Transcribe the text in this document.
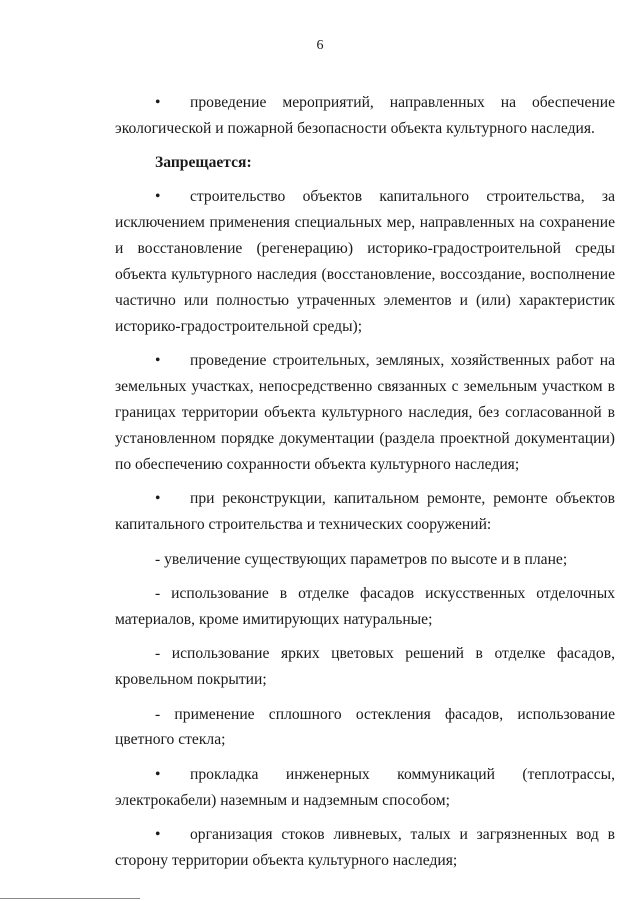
6

• проведение мероприятий, направленных на обеспечение экологической и пожарной безопасности объекта культурного наследия.

Запрещается:

• строительство объектов капитального строительства, за исключением применения специальных мер, направленных на сохранение и восстановление (регенерацию) историко-градостроительной среды объекта культурного наследия (восстановление, воссоздание, восполнение частично или полностью утраченных элементов и (или) характеристик историко-градостроительной среды);

• проведение строительных, земляных, хозяйственных работ на земельных участках, непосредственно связанных с земельным участком в границах территории объекта культурного наследия, без согласованной в установленном порядке документации (раздела проектной документации) по обеспечению сохранности объекта культурного наследия;

• при реконструкции, капитальном ремонте, ремонте объектов капитального строительства и технических сооружений:

- увеличение существующих параметров по высоте и в плане;

- использование в отделке фасадов искусственных отделочных материалов, кроме имитирующих натуральные;

- использование ярких цветовых решений в отделке фасадов, кровельном покрытии;

- применение сплошного остекления фасадов, использование цветного стекла;

• прокладка инженерных коммуникаций (теплотрассы, электрокабели) наземным и надземным способом;

• организация стоков ливневых, талых и загрязненных вод в сторону территории объекта культурного наследия;
